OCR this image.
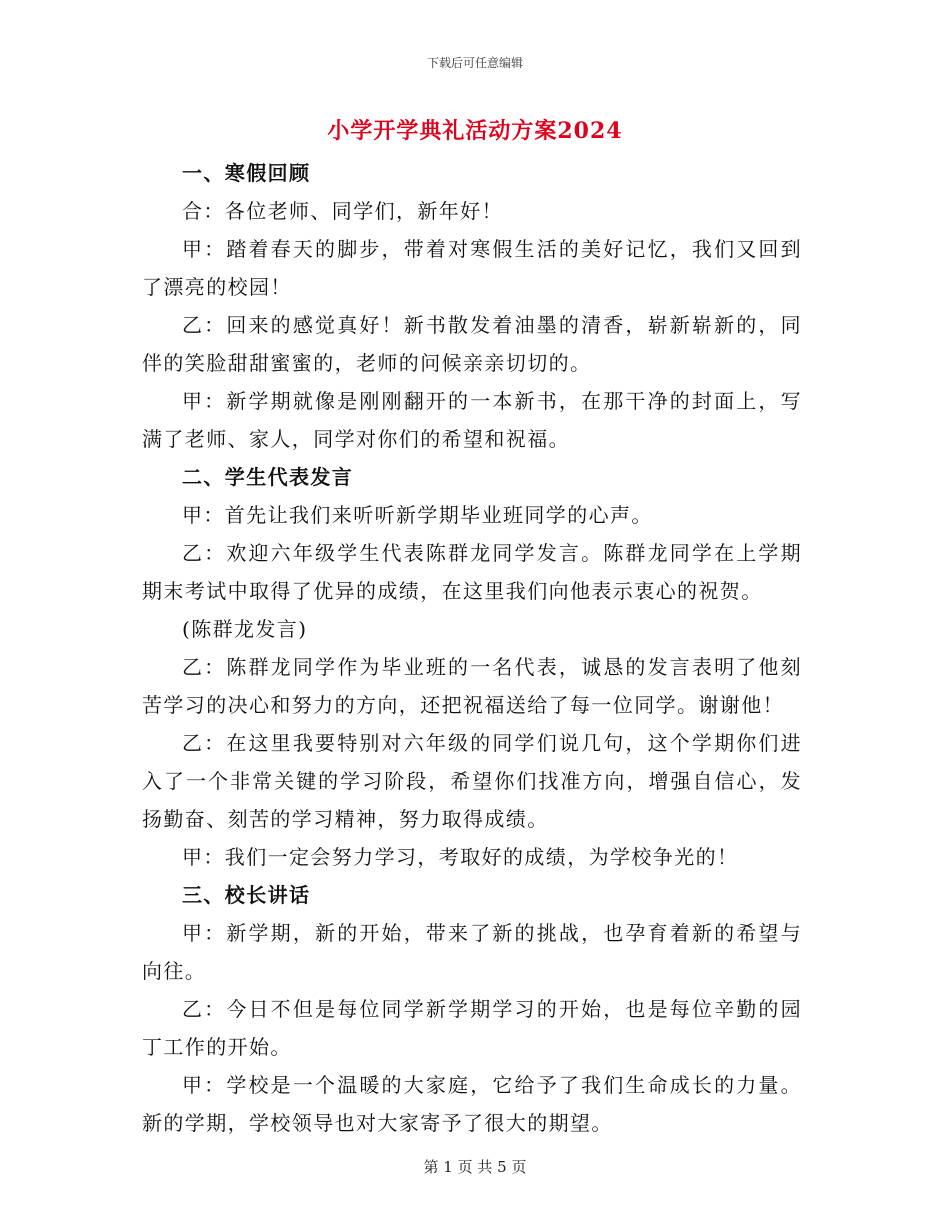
下载后可任意编辑
小学开学典礼活动方案2024

一、寒假回顾

合：各位老师、同学们，新年好！

甲：踏着春天的脚步，带着对寒假生活的美好记忆，我们又回到了漂亮的校园！

乙：回来的感觉真好！新书散发着油墨的清香，崭新崭新的，同伴的笑脸甜甜蜜蜜的，老师的问候亲亲切切的。

甲：新学期就像是刚刚翻开的一本新书，在那干净的封面上，写满了老师、家人，同学对你们的希望和祝福。

二、学生代表发言

甲：首先让我们来听听新学期毕业班同学的心声。

乙：欢迎六年级学生代表陈群龙同学发言。陈群龙同学在上学期期末考试中取得了优异的成绩，在这里我们向他表示衷心的祝贺。

(陈群龙发言)

乙：陈群龙同学作为毕业班的一名代表，诚恳的发言表明了他刻苦学习的决心和努力的方向，还把祝福送给了每一位同学。谢谢他！

乙：在这里我要特别对六年级的同学们说几句，这个学期你们进入了一个非常关键的学习阶段，希望你们找准方向，增强自信心，发扬勤奋、刻苦的学习精神，努力取得成绩。

甲：我们一定会努力学习，考取好的成绩，为学校争光的！

三、校长讲话

甲：新学期，新的开始，带来了新的挑战，也孕育着新的希望与向往。

乙：今日不但是每位同学新学期学习的开始，也是每位辛勤的园丁工作的开始。

甲：学校是一个温暖的大家庭，它给予了我们生命成长的力量。新的学期，学校领导也对大家寄予了很大的期望。

第 1 页 共 5 页
